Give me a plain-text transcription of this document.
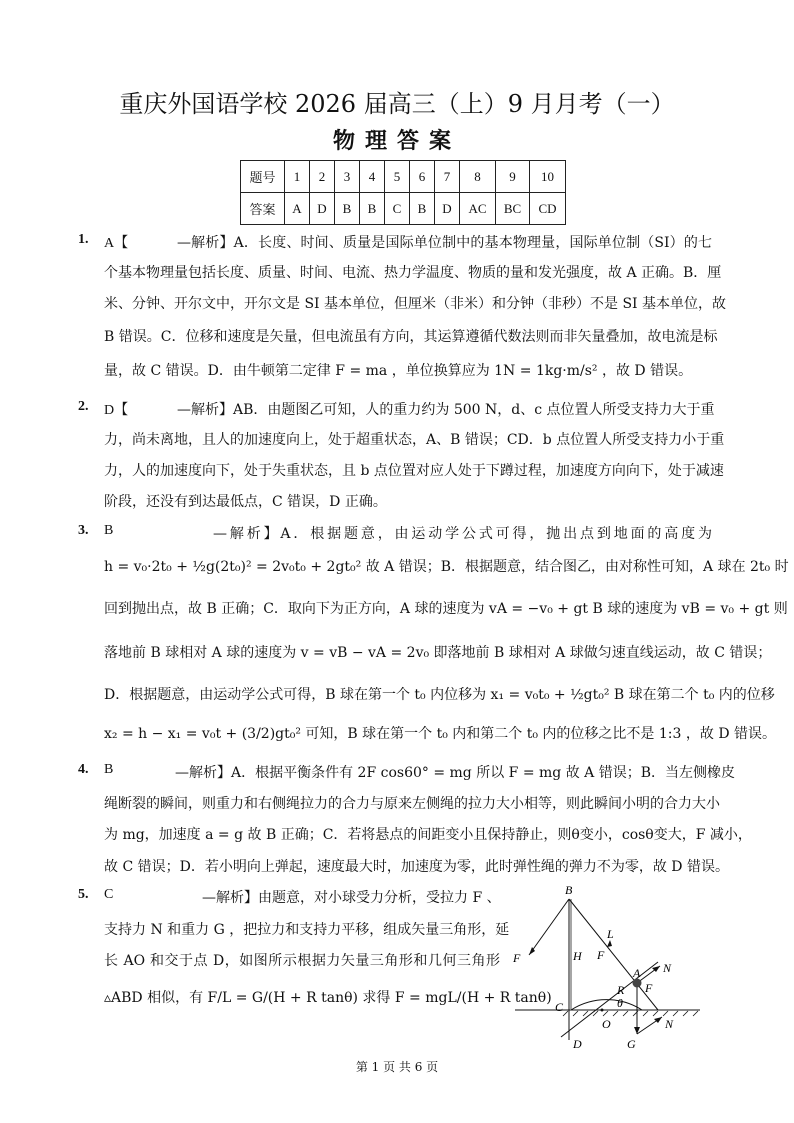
重庆外国语学校 2026 届高三（上）9 月月考（一）
物理答案
题号	1	2	3	4	5	6	7	8	9	10
答案	A	D	B	B	C	B	D	AC	BC	CD
1. A【	—解析】A．长度、时间、质量是国际单位制中的基本物理量，国际单位制（SI）的七
个基本物理量包括长度、质量、时间、电流、热力学温度、物质的量和发光强度，故 A 正确。B．厘
米、分钟、开尔文中，开尔文是 SI 基本单位，但厘米（非米）和分钟（非秒）不是 SI 基本单位，故
B 错误。C．位移和速度是矢量，但电流虽有方向，其运算遵循代数法则而非矢量叠加，故电流是标
量，故 C 错误。D．由牛顿第二定律 F = ma ，单位换算应为 1N = 1kg·m/s² ，故 D 错误。
2. D【	—解析】AB．由题图乙可知，人的重力约为 500 N，d、c 点位置人所受支持力大于重
力，尚未离地，且人的加速度向上，处于超重状态，A、B 错误；CD．b 点位置人所受支持力小于重
力，人的加速度向下，处于失重状态，且 b 点位置对应人处于下蹲过程，加速度方向向下，处于减速
阶段，还没有到达最低点，C 错误，D 正确。
3. B	—解析】A．根据题意，由运动学公式可得，抛出点到地面的高度为
h = v₀·2t₀ + ½g(2t₀)² = 2v₀t₀ + 2gt₀² 故 A 错误；B．根据题意，结合图乙，由对称性可知，A 球在 2t₀ 时
回到抛出点，故 B 正确；C．取向下为正方向，A 球的速度为 vA = −v₀ + gt B 球的速度为 vB = v₀ + gt 则
落地前 B 球相对 A 球的速度为 v = vB − vA = 2v₀ 即落地前 B 球相对 A 球做匀速直线运动，故 C 错误；
D．根据题意，由运动学公式可得，B 球在第一个 t₀ 内位移为 x₁ = v₀t₀ + ½gt₀² B 球在第二个 t₀ 内的位移
x₂ = h − x₁ = v₀t + (3/2)gt₀² 可知，B 球在第一个 t₀ 内和第二个 t₀ 内的位移之比不是 1:3 ，故 D 错误。
4. B	—解析】A．根据平衡条件有 2F cos60° = mg 所以 F = mg 故 A 错误；B．当左侧橡皮
绳断裂的瞬间，则重力和右侧绳拉力的合力与原来左侧绳的拉力大小相等，则此瞬间小明的合力大小
为 mg，加速度 a = g 故 B 正确；C．若将悬点的间距变小且保持静止，则θ变小，cosθ变大，F 减小，
故 C 错误；D．若小明向上弹起，速度最大时，加速度为零，此时弹性绳的弹力不为零，故 D 错误。
5. C	—解析】由题意，对小球受力分析，受拉力 F 、
支持力 N 和重力 G ，把拉力和支持力平移，组成矢量三角形，延
长 AO 和交于点 D，如图所示根据力矢量三角形和几何三角形
▵ABD 相似，有 F/L = G/(H + R tanθ) 求得 F = mgL/(H + R tanθ)
B
L
F
H
F
A N
F
R
θ
C
O	N
D	G
第 1 页 共 6 页
